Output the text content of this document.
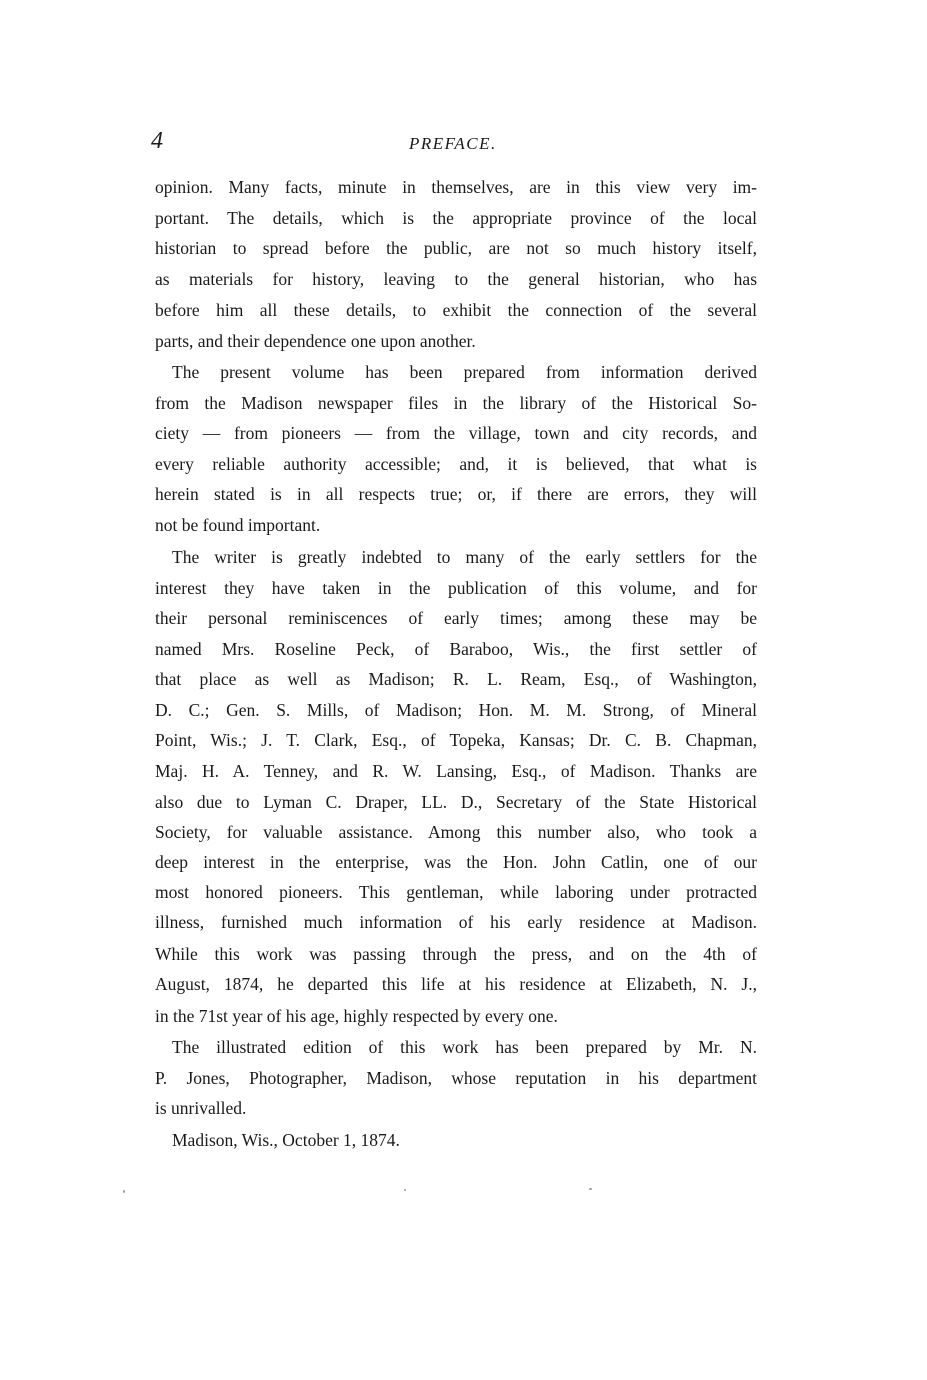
4	PREFACE.
opinion. Many facts, minute in themselves, are in this view very im-
portant. The details, which is the appropriate province of the local
historian to spread before the public, are not so much history itself,
as materials for history, leaving to the general historian, who has
before him all these details, to exhibit the connection of the several
parts, and their dependence one upon another.
The present volume has been prepared from information derived
from the Madison newspaper files in the library of the Historical So-
ciety — from pioneers — from the village, town and city records, and
every reliable authority accessible; and, it is believed, that what is
herein stated is in all respects true; or, if there are errors, they will
not be found important.
The writer is greatly indebted to many of the early settlers for the
interest they have taken in the publication of this volume, and for
their personal reminiscences of early times; among these may be
named Mrs. Roseline Peck, of Baraboo, Wis., the first settler of
that place as well as Madison; R. L. Ream, Esq., of Washington,
D. C.; Gen. S. Mills, of Madison; Hon. M. M. Strong, of Mineral
Point, Wis.; J. T. Clark, Esq., of Topeka, Kansas; Dr. C. B. Chapman,
Maj. H. A. Tenney, and R. W. Lansing, Esq., of Madison. Thanks are
also due to Lyman C. Draper, LL. D., Secretary of the State Historical
Society, for valuable assistance. Among this number also, who took a
deep interest in the enterprise, was the Hon. John Catlin, one of our
most honored pioneers. This gentleman, while laboring under protracted
illness, furnished much information of his early residence at Madison.
While this work was passing through the press, and on the 4th of
August, 1874, he departed this life at his residence at Elizabeth, N. J.,
in the 71st year of his age, highly respected by every one.
The illustrated edition of this work has been prepared by Mr. N.
P. Jones, Photographer, Madison, whose reputation in his department
is unrivalled.
Madison, Wis., October 1, 1874.
